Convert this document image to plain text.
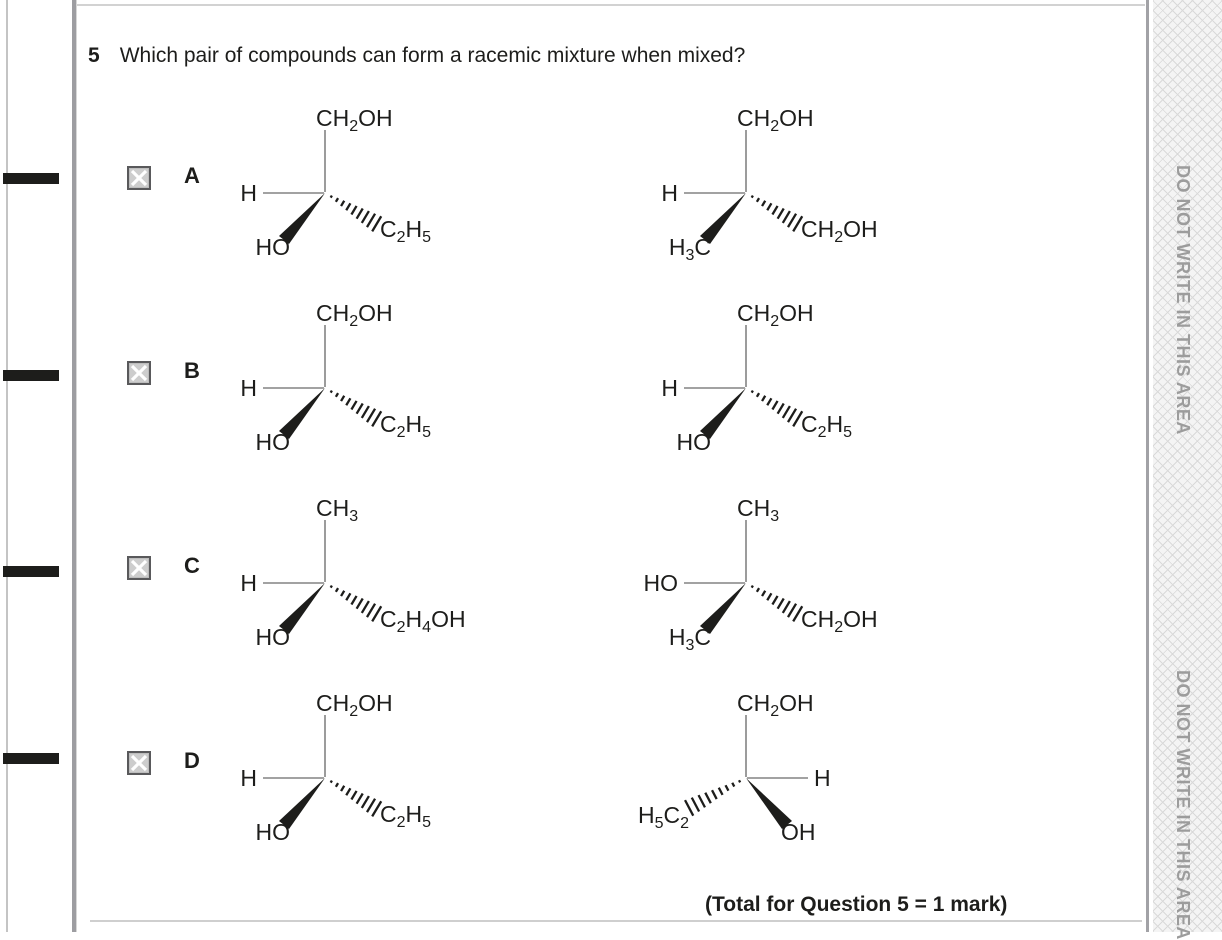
DO NOT WRITE IN THIS AREA
DO NOT WRITE IN THIS AREA
5 Which pair of compounds can form a racemic mixture when mixed?
A
$CH_2OH$
H
HO
$C_2H_5$
$CH_2OH$
H
$H_3C$
$CH_2OH$
B
$CH_2OH$
H
HO
$C_2H_5$
$CH_2OH$
H
HO
$C_2H_5$
C
$CH_3$
H
HO
$C_2H_4OH$
$CH_3$
HO
$H_3C$
$CH_2OH$
D
$CH_2OH$
H
HO
$C_2H_5$
$CH_2OH$
H
OH
$H_5C_2$
(Total for Question 5 = 1 mark)
